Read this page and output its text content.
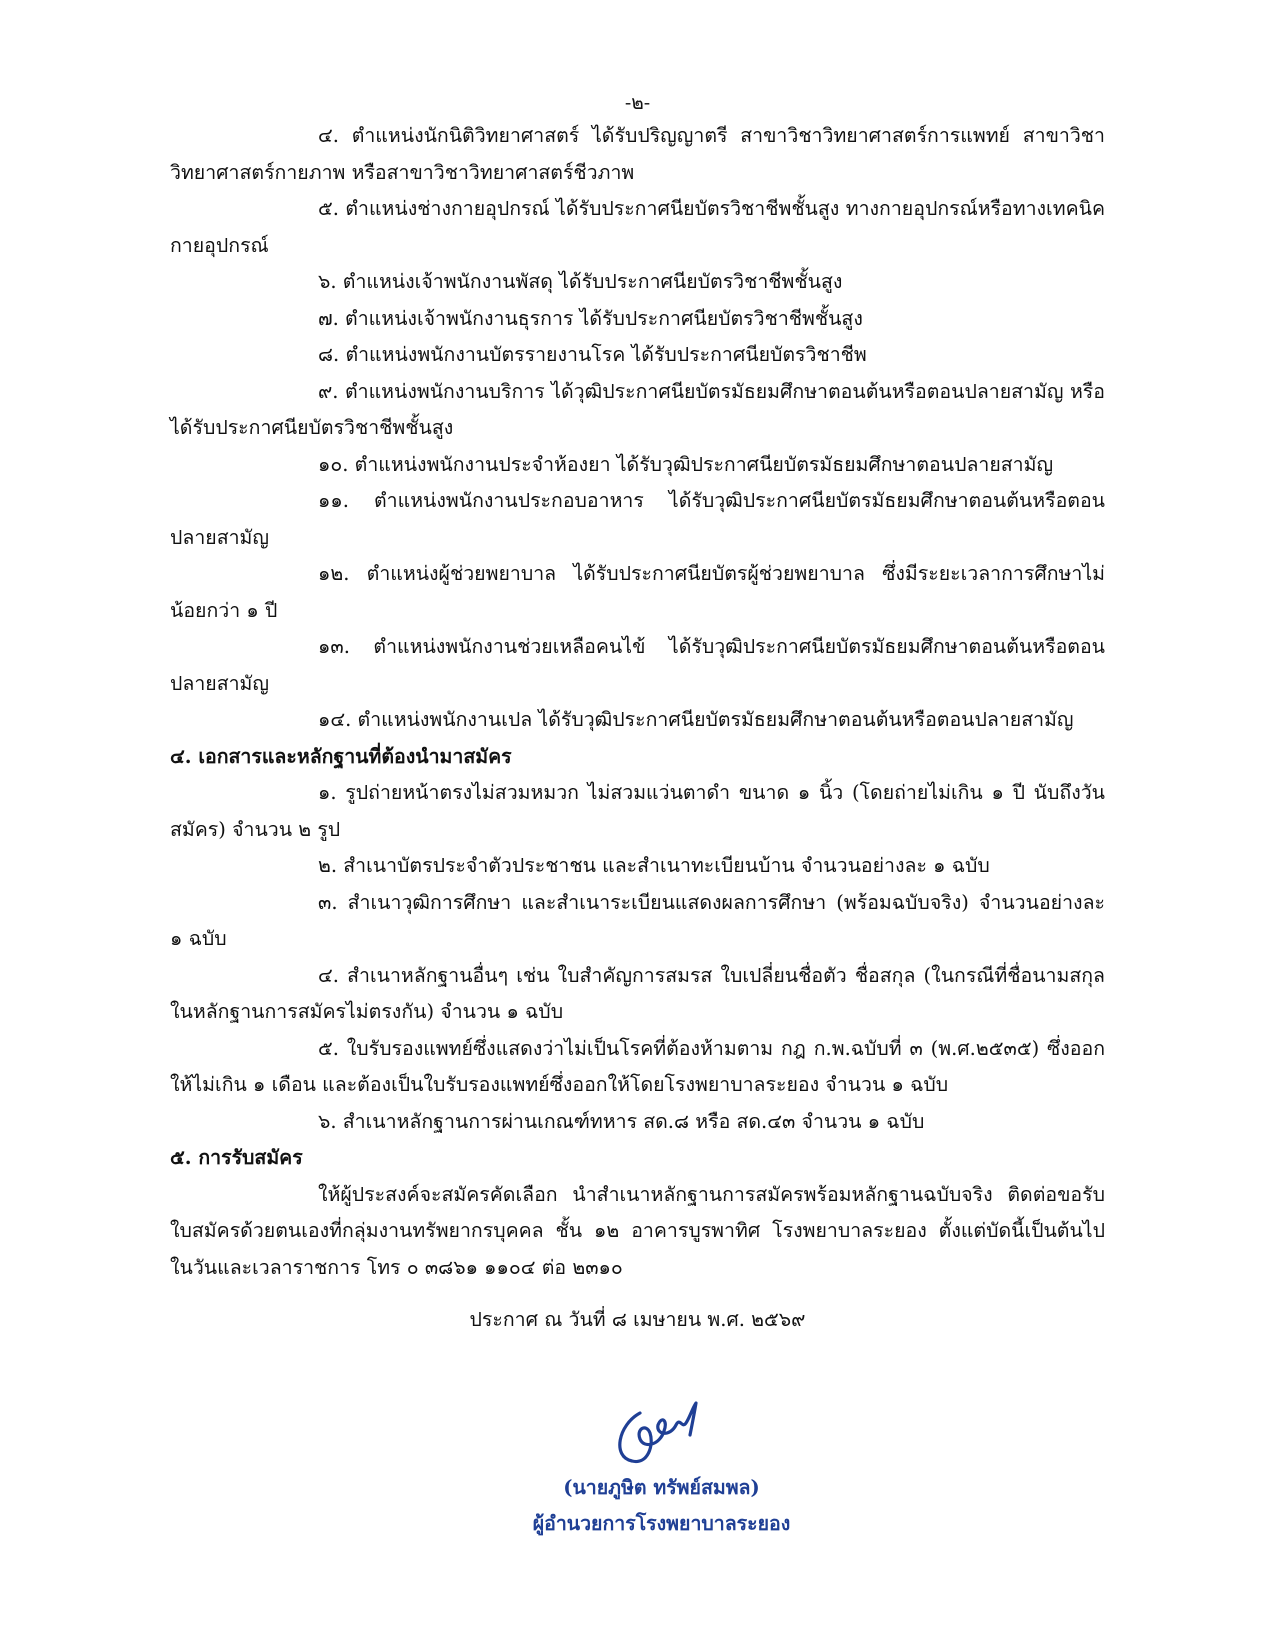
-๒-

๔. ตำแหน่งนักนิติวิทยาศาสตร์ ได้รับปริญญาตรี สาขาวิชาวิทยาศาสตร์การแพทย์ สาขาวิชาวิทยาศาสตร์กายภาพ หรือสาขาวิชาวิทยาศาสตร์ชีวภาพ

๕. ตำแหน่งช่างกายอุปกรณ์ ได้รับประกาศนียบัตรวิชาชีพชั้นสูง ทางกายอุปกรณ์หรือทางเทคนิคกายอุปกรณ์

๖. ตำแหน่งเจ้าพนักงานพัสดุ ได้รับประกาศนียบัตรวิชาชีพชั้นสูง

๗. ตำแหน่งเจ้าพนักงานธุรการ ได้รับประกาศนียบัตรวิชาชีพชั้นสูง

๘. ตำแหน่งพนักงานบัตรรายงานโรค ได้รับประกาศนียบัตรวิชาชีพ

๙. ตำแหน่งพนักงานบริการ ได้วุฒิประกาศนียบัตรมัธยมศึกษาตอนต้นหรือตอนปลายสามัญ หรือได้รับประกาศนียบัตรวิชาชีพชั้นสูง

๑๐. ตำแหน่งพนักงานประจำห้องยา ได้รับวุฒิประกาศนียบัตรมัธยมศึกษาตอนปลายสามัญ

๑๑. ตำแหน่งพนักงานประกอบอาหาร ได้รับวุฒิประกาศนียบัตรมัธยมศึกษาตอนต้นหรือตอนปลายสามัญ

๑๒. ตำแหน่งผู้ช่วยพยาบาล ได้รับประกาศนียบัตรผู้ช่วยพยาบาล ซึ่งมีระยะเวลาการศึกษาไม่น้อยกว่า ๑ ปี

๑๓. ตำแหน่งพนักงานช่วยเหลือคนไข้ ได้รับวุฒิประกาศนียบัตรมัธยมศึกษาตอนต้นหรือตอนปลายสามัญ

๑๔. ตำแหน่งพนักงานเปล ได้รับวุฒิประกาศนียบัตรมัธยมศึกษาตอนต้นหรือตอนปลายสามัญ

๔. เอกสารและหลักฐานที่ต้องนำมาสมัคร

๑. รูปถ่ายหน้าตรงไม่สวมหมวก ไม่สวมแว่นตาดำ ขนาด ๑ นิ้ว (โดยถ่ายไม่เกิน ๑ ปี นับถึงวันสมัคร) จำนวน ๒ รูป

๒. สำเนาบัตรประจำตัวประชาชน และสำเนาทะเบียนบ้าน จำนวนอย่างละ ๑ ฉบับ

๓. สำเนาวุฒิการศึกษา และสำเนาระเบียนแสดงผลการศึกษา (พร้อมฉบับจริง) จำนวนอย่างละ ๑ ฉบับ

๔. สำเนาหลักฐานอื่นๆ เช่น ใบสำคัญการสมรส ใบเปลี่ยนชื่อตัว ชื่อสกุล (ในกรณีที่ชื่อนามสกุลในหลักฐานการสมัครไม่ตรงกัน) จำนวน ๑ ฉบับ

๕. ใบรับรองแพทย์ซึ่งแสดงว่าไม่เป็นโรคที่ต้องห้ามตาม กฎ ก.พ.ฉบับที่ ๓ (พ.ศ.๒๕๓๕) ซึ่งออกให้ไม่เกิน ๑ เดือน และต้องเป็นใบรับรองแพทย์ซึ่งออกให้โดยโรงพยาบาลระยอง จำนวน ๑ ฉบับ

๖. สำเนาหลักฐานการผ่านเกณฑ์ทหาร สด.๘ หรือ สด.๔๓ จำนวน ๑ ฉบับ

๕. การรับสมัคร

ให้ผู้ประสงค์จะสมัครคัดเลือก นำสำเนาหลักฐานการสมัครพร้อมหลักฐานฉบับจริง ติดต่อขอรับใบสมัครด้วยตนเองที่กลุ่มงานทรัพยากรบุคคล ชั้น ๑๒ อาคารบูรพาทิศ โรงพยาบาลระยอง ตั้งแต่บัดนี้เป็นต้นไป ในวันและเวลาราชการ โทร ๐ ๓๘๖๑ ๑๑๐๔ ต่อ ๒๓๑๐

ประกาศ ณ วันที่ ๘ เมษายน พ.ศ. ๒๕๖๙
(นายภูษิต ทรัพย์สมพล)
ผู้อำนวยการโรงพยาบาลระยอง
